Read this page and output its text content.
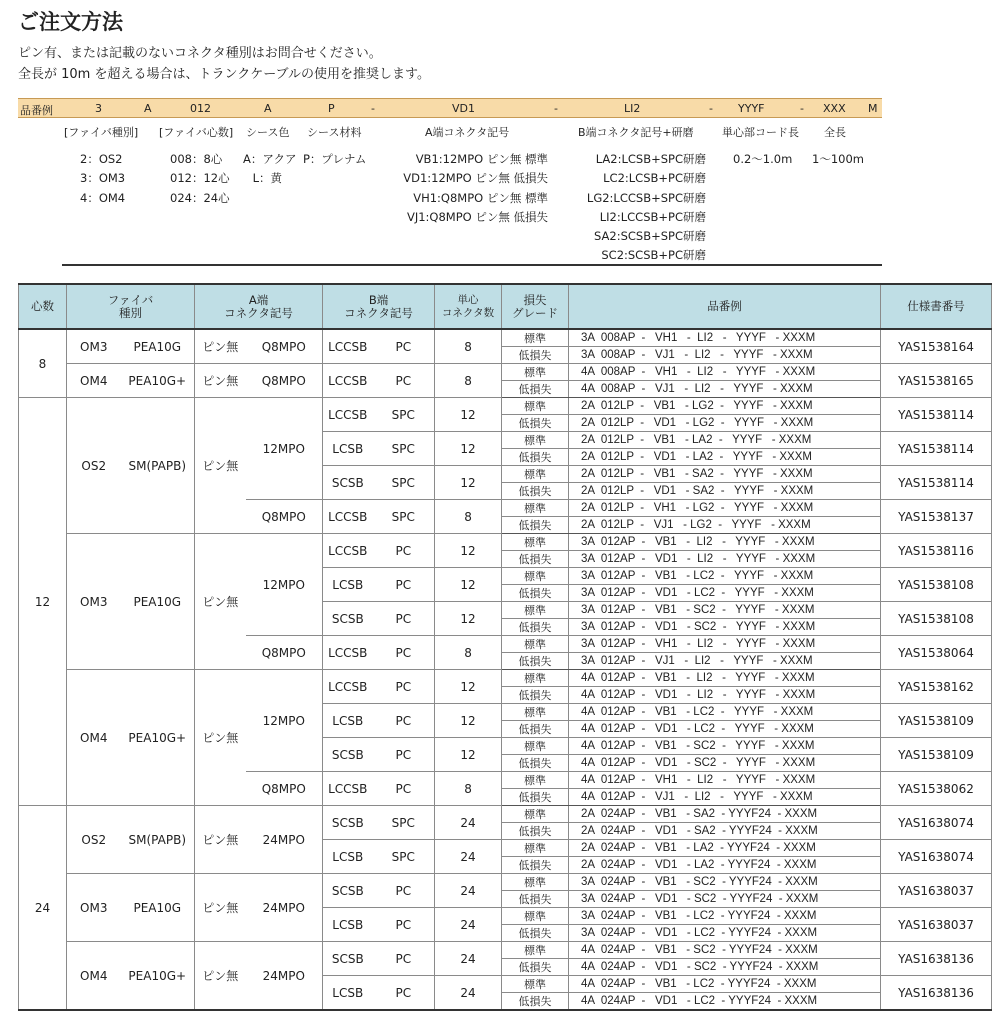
ご注文方法
ピン有、または記載のないコネクタ種別はお問合せください。
全長が 10m を超える場合は、トランクケーブルの使用を推奨します。
品番例	3	A	012	A	P	-	VD1	-	LI2	- YYYF	- XXX M
[ファイバ種別] [ファイバ心数] シース色 シース材料	A端コネクタ記号	B端コネクタ記号+研磨	単心部コード長 全長
2：OS2
3：OM3
4：OM4
008：8心
012：12心
024：24心
A：アクア
L：黄
P：プレナム	VB1:12MPO ピン無 標準
VD1:12MPO ピン無 低損失
VH1:Q8MPO ピン無 標準
VJ1:Q8MPO ピン無 低損失
LA2:LCSB+SPC研磨
LC2:LCSB+PC研磨
LG2:LCCSB+SPC研磨
LI2:LCCSB+PC研磨
SA2:SCSB+SPC研磨
SC2:SCSB+PC研磨
0.2～1.0m 1～100m
心数	ファイバ
種別		A端
コネクタ記号		B端
コネクタ記号		単心
コネクタ数	損失
グレード	品番例	仕様書番号
8	OM3	PEA10G	ピン無	Q8MPO	LCCSB	PC	8	標準	3A  008AP  -   VH1   -  LI2   -   YYYF   - XXXM	YAS1538164
								低損失	3A  008AP  -   VJ1   -  LI2   -   YYYF   - XXXM	
	OM4	PEA10G+	ピン無	Q8MPO	LCCSB	PC	8	標準	4A  008AP  -   VH1   -  LI2   -   YYYF   - XXXM	YAS1538165
								低損失	4A  008AP  -   VJ1   -  LI2   -   YYYF   - XXXM	
12	OS2	SM(PAPB)	ピン無	12MPO	LCCSB	SPC	12	標準	2A  012LP  -   VB1   - LG2  -   YYYF   - XXXM	YAS1538114
								低損失	2A  012LP  -   VD1   - LG2  -   YYYF   - XXXM	
					LCSB	SPC	12	標準	2A  012LP  -   VB1   - LA2  -   YYYF   - XXXM	YAS1538114
								低損失	2A  012LP  -   VD1   - LA2  -   YYYF   - XXXM	
					SCSB	SPC	12	標準	2A  012LP  -   VB1   - SA2  -   YYYF   - XXXM	YAS1538114
								低損失	2A  012LP  -   VD1   - SA2  -   YYYF   - XXXM	
				Q8MPO	LCCSB	SPC	8	標準	2A  012LP  -   VH1   - LG2  -   YYYF   - XXXM	YAS1538137
								低損失	2A  012LP  -   VJ1   - LG2  -   YYYF   - XXXM	
	OM3	PEA10G	ピン無	12MPO	LCCSB	PC	12	標準	3A  012AP  -   VB1   -  LI2   -   YYYF   - XXXM	YAS1538116
								低損失	3A  012AP  -   VD1   -  LI2   -   YYYF   - XXXM	
					LCSB	PC	12	標準	3A  012AP  -   VB1   - LC2  -   YYYF   - XXXM	YAS1538108
								低損失	3A  012AP  -   VD1   - LC2  -   YYYF   - XXXM	
					SCSB	PC	12	標準	3A  012AP  -   VB1   - SC2  -   YYYF   - XXXM	YAS1538108
								低損失	3A  012AP  -   VD1   - SC2  -   YYYF   - XXXM	
				Q8MPO	LCCSB	PC	8	標準	3A  012AP  -   VH1   -  LI2   -   YYYF   - XXXM	YAS1538064
								低損失	3A  012AP  -   VJ1   -  LI2   -   YYYF   - XXXM	
	OM4	PEA10G+	ピン無	12MPO	LCCSB	PC	12	標準	4A  012AP  -   VB1   -  LI2   -   YYYF   - XXXM	YAS1538162
								低損失	4A  012AP  -   VD1   -  LI2   -   YYYF   - XXXM	
					LCSB	PC	12	標準	4A  012AP  -   VB1   - LC2  -   YYYF   - XXXM	YAS1538109
								低損失	4A  012AP  -   VD1   - LC2  -   YYYF   - XXXM	
					SCSB	PC	12	標準	4A  012AP  -   VB1   - SC2  -   YYYF   - XXXM	YAS1538109
								低損失	4A  012AP  -   VD1   - SC2  -   YYYF   - XXXM	
				Q8MPO	LCCSB	PC	8	標準	4A  012AP  -   VH1   -  LI2   -   YYYF   - XXXM	YAS1538062
								低損失	4A  012AP  -   VJ1   -  LI2   -   YYYF   - XXXM	
24	OS2	SM(PAPB)	ピン無	24MPO	SCSB	SPC	24	標準	2A  024AP  -   VB1   - SA2  - YYYF24  - XXXM	YAS1638074
								低損失	2A  024AP  -   VD1   - SA2  - YYYF24  - XXXM	
					LCSB	SPC	24	標準	2A  024AP  -   VB1   - LA2  - YYYF24  - XXXM	YAS1638074
								低損失	2A  024AP  -   VD1   - LA2  - YYYF24  - XXXM	
	OM3	PEA10G	ピン無	24MPO	SCSB	PC	24	標準	3A  024AP  -   VB1   - SC2  - YYYF24  - XXXM	YAS1638037
								低損失	3A  024AP  -   VD1   - SC2  - YYYF24  - XXXM	
					LCSB	PC	24	標準	3A  024AP  -   VB1   - LC2  - YYYF24  - XXXM	YAS1638037
								低損失	3A  024AP  -   VD1   - LC2  - YYYF24  - XXXM	
	OM4	PEA10G+	ピン無	24MPO	SCSB	PC	24	標準	4A  024AP  -   VB1   - SC2  - YYYF24  - XXXM	YAS1638136
								低損失	4A  024AP  -   VD1   - SC2  - YYYF24  - XXXM	
					LCSB	PC	24	標準	4A  024AP  -   VB1   - LC2  - YYYF24  - XXXM	YAS1638136
								低損失	4A  024AP  -   VD1   - LC2  - YYYF24  - XXXM	
